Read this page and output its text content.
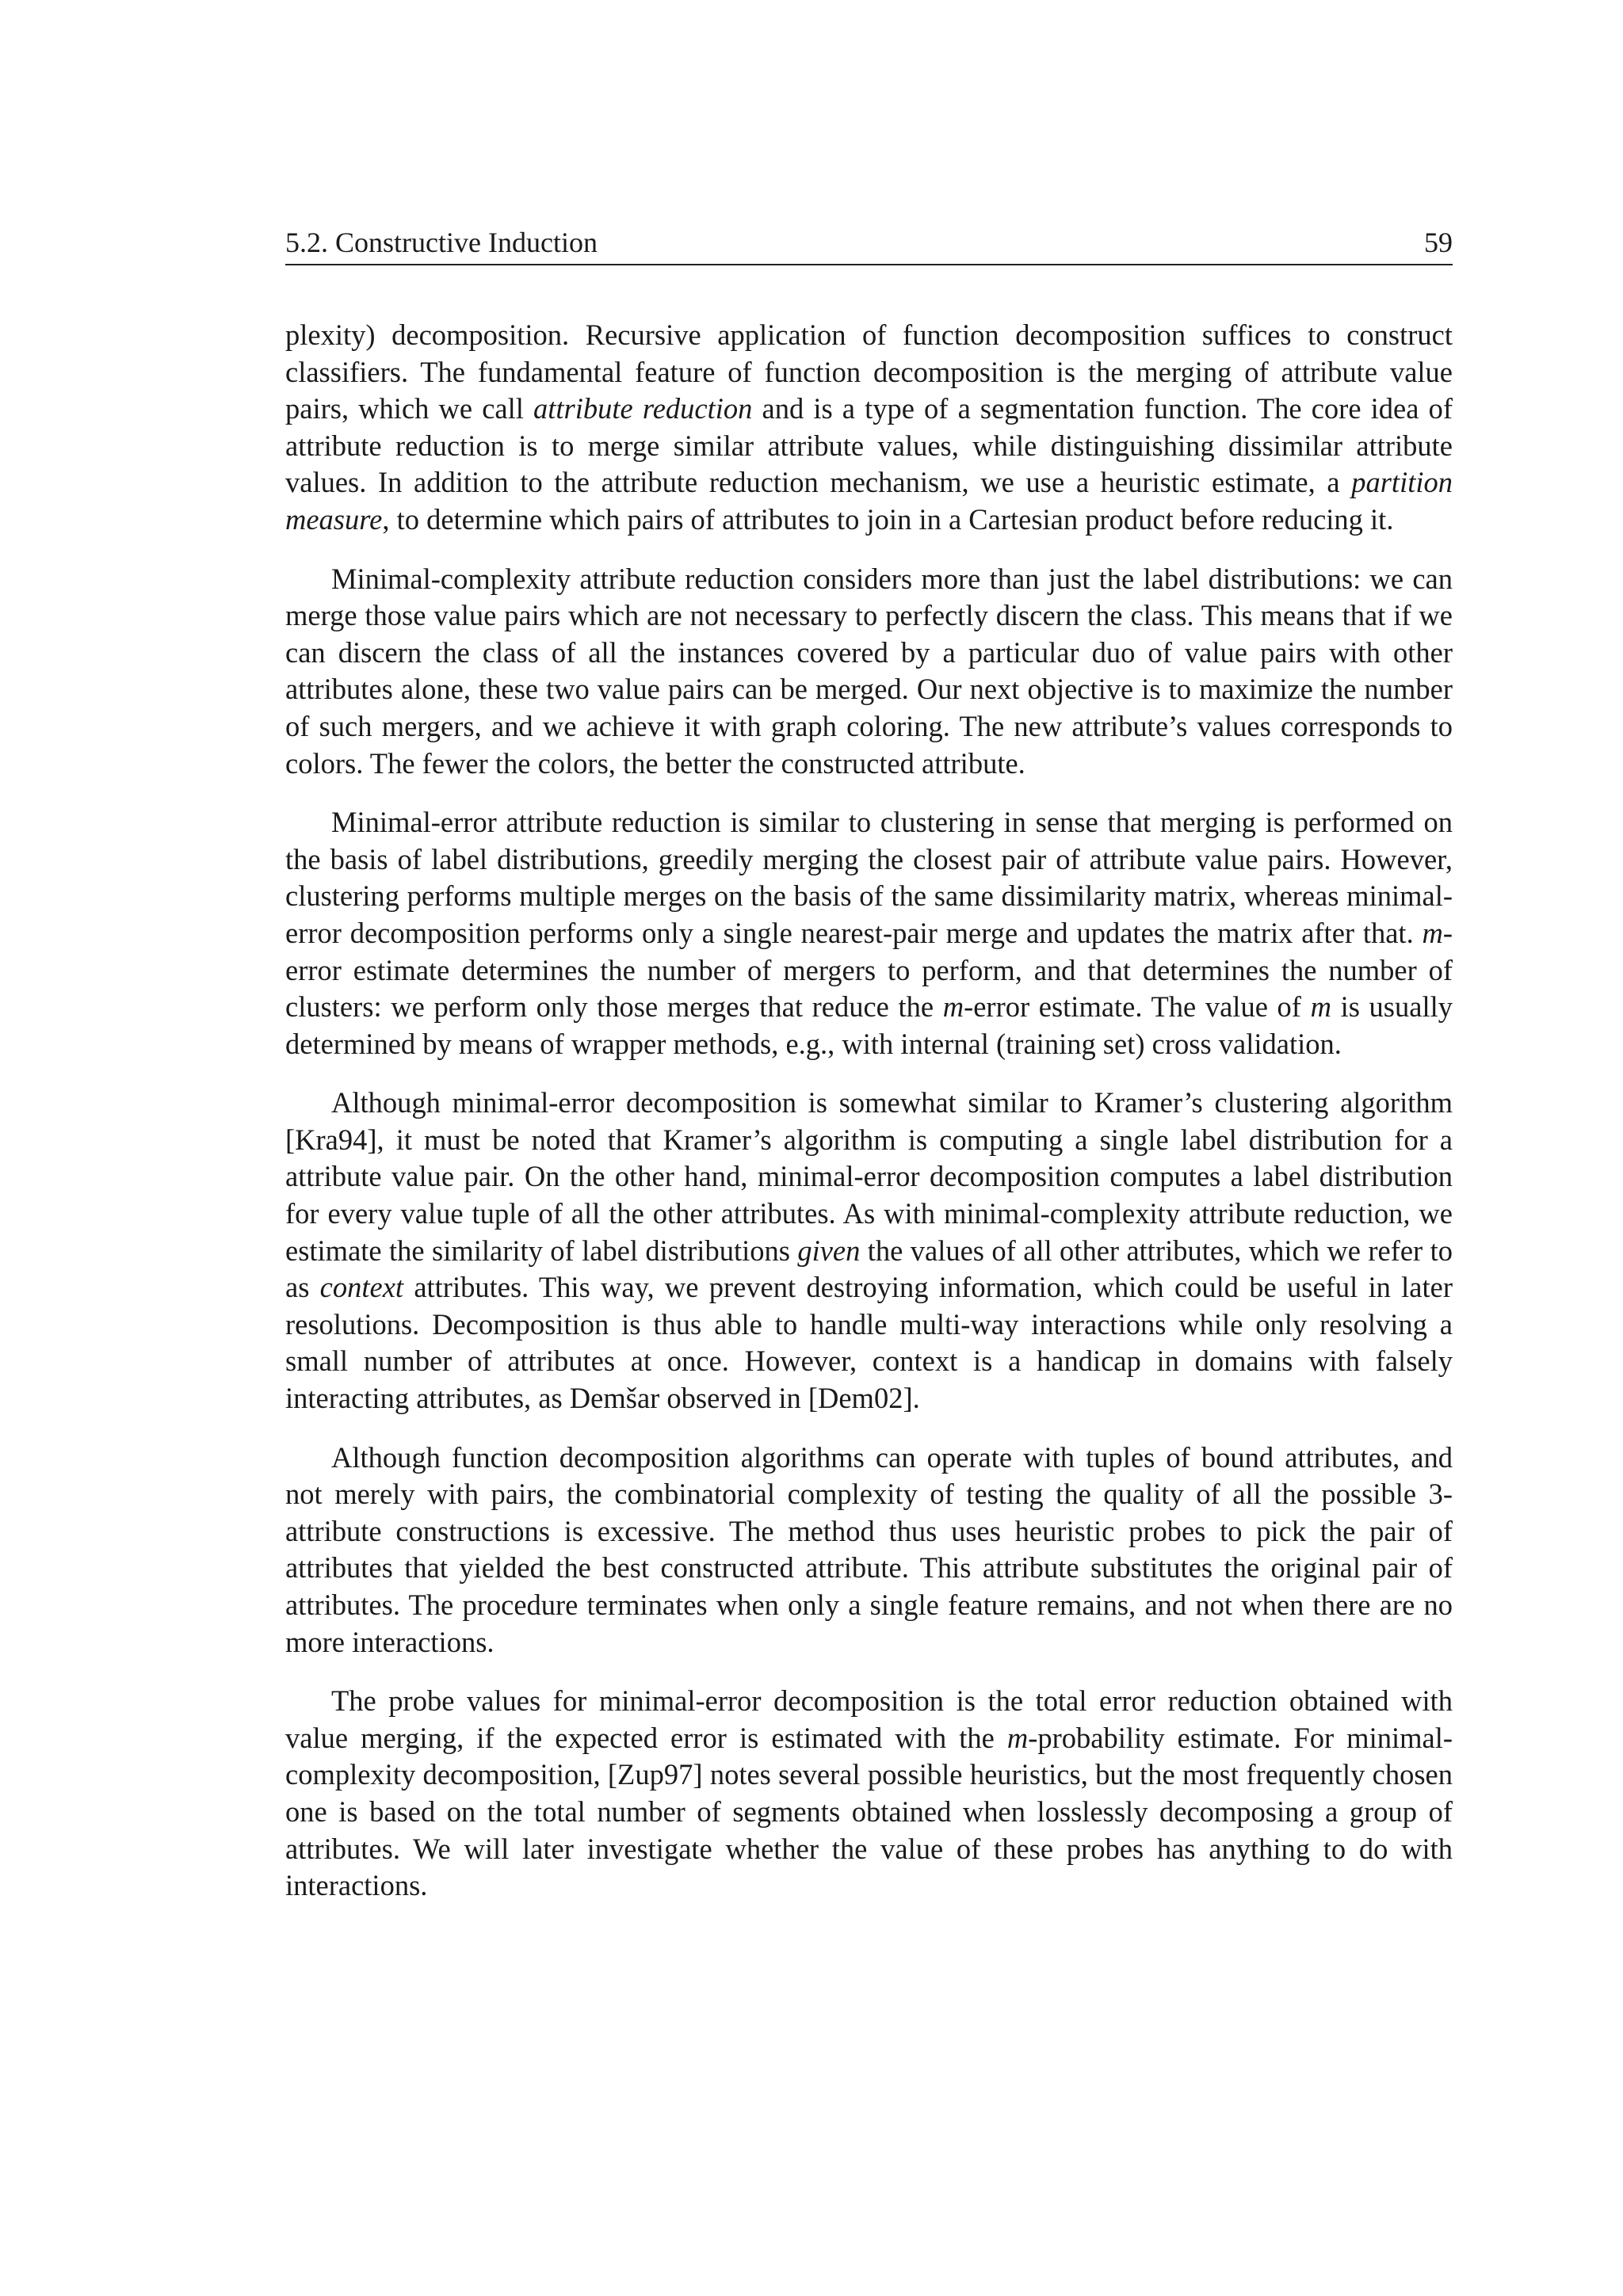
5.2. Constructive Induction	59

plexity) decomposition. Recursive application of function decomposition suffices to construct classifiers. The fundamental feature of function decomposition is the merging of attribute value pairs, which we call attribute reduction and is a type of a segmentation function. The core idea of attribute reduction is to merge similar attribute values, while distinguishing dissimilar attribute values. In addition to the attribute reduction mechanism, we use a heuristic estimate, a partition measure, to determine which pairs of attributes to join in a Cartesian product before reducing it.

Minimal-complexity attribute reduction considers more than just the label distributions: we can merge those value pairs which are not necessary to perfectly discern the class. This means that if we can discern the class of all the instances covered by a particular duo of value pairs with other attributes alone, these two value pairs can be merged. Our next objective is to maximize the number of such mergers, and we achieve it with graph coloring. The new attribute’s values corresponds to colors. The fewer the colors, the better the constructed attribute.

Minimal-error attribute reduction is similar to clustering in sense that merging is performed on the basis of label distributions, greedily merging the closest pair of attribute value pairs. However, clustering performs multiple merges on the basis of the same dissimilarity matrix, whereas minimal-error decomposition performs only a single nearest-pair merge and updates the matrix after that. m-error estimate determines the number of mergers to perform, and that determines the number of clusters: we perform only those merges that reduce the m-error estimate. The value of m is usually determined by means of wrapper methods, e.g., with internal (training set) cross validation.

Although minimal-error decomposition is somewhat similar to Kramer’s clustering algorithm [Kra94], it must be noted that Kramer’s algorithm is computing a single label distribution for a attribute value pair. On the other hand, minimal-error decomposition computes a label distribution for every value tuple of all the other attributes. As with minimal-complexity attribute reduction, we estimate the similarity of label distributions given the values of all other attributes, which we refer to as context attributes. This way, we prevent destroying information, which could be useful in later resolutions. Decomposition is thus able to handle multi-way interactions while only resolving a small number of attributes at once. However, context is a handicap in domains with falsely interacting attributes, as Demšar observed in [Dem02].

Although function decomposition algorithms can operate with tuples of bound attributes, and not merely with pairs, the combinatorial complexity of testing the quality of all the possible 3-attribute constructions is excessive. The method thus uses heuristic probes to pick the pair of attributes that yielded the best constructed attribute. This attribute substitutes the original pair of attributes. The procedure terminates when only a single feature remains, and not when there are no more interactions.

The probe values for minimal-error decomposition is the total error reduction obtained with value merging, if the expected error is estimated with the m-probability estimate. For minimal-complexity decomposition, [Zup97] notes several possible heuristics, but the most frequently chosen one is based on the total number of segments obtained when losslessly decomposing a group of attributes. We will later investigate whether the value of these probes has anything to do with interactions.
